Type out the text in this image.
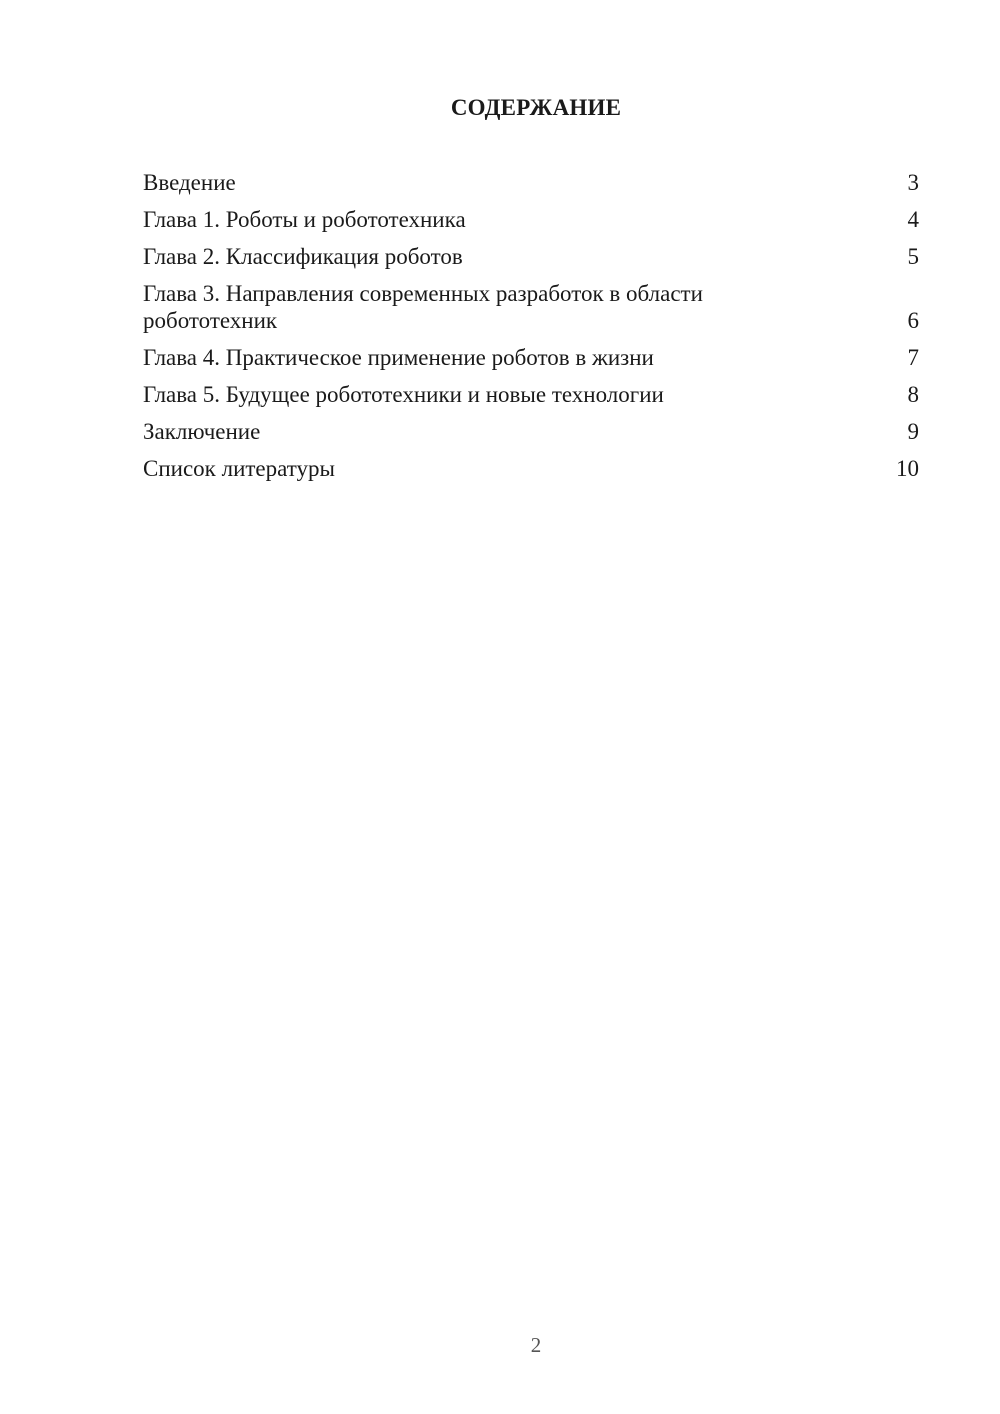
СОДЕРЖАНИЕ
Введение	3
Глава 1. Роботы и робототехника	4
Глава 2. Классификация роботов	5
Глава 3. Направления современных разработок в области робототехник	6
Глава 4. Практическое применение роботов в жизни	7
Глава 5. Будущее робототехники и новые технологии	8
Заключение	9
Список литературы	10
2
